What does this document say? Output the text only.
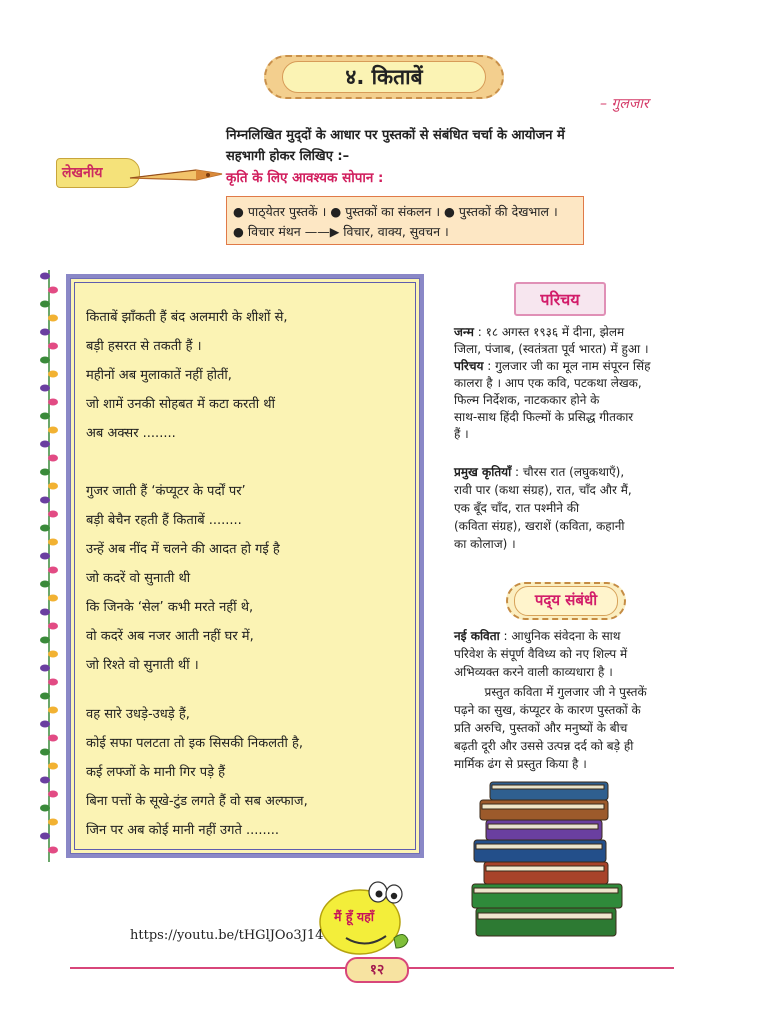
४. किताबें
– गुलजार
निम्नलिखित मुद्‌दों के आधार पर पुस्तकों से संबंधित चर्चा के आयोजन में
सहभागी होकर लिखिए :–
कृति के लिए आवश्यक सोपान :
लेखनीय
● पाठ्‌येतर पुस्तकें । ● पुस्तकों का संकलन । ● पुस्तकों की देखभाल ।
● विचार मंथन ——▶ विचार, वाक्य, सुवचन ।
किताबें झाँकती हैं बंद अलमारी के शीशों से,
बड़ी हसरत से तकती हैं ।
महीनों अब मुलाकातें नहीं होतीं,
जो शामें उनकी सोहबत में कटा करती थीं
अब अक्सर ........
गुजर जाती हैं ‘कंप्यूटर के पर्दों पर’
बड़ी बेचैन रहती हैं किताबें ........
उन्हें अब नींद में चलने की आदत हो गई है
जो कदरें वो सुनाती थी
कि जिनके ‘सेल’ कभी मरते नहीं थे,
वो कदरें अब नजर आती नहीं घर में,
जो रिश्ते वो सुनाती थीं ।
वह सारे उधड़े-उधड़े हैं,
कोई सफा पलटता तो इक सिसकी निकलती है,
कई लफ्जों के मानी गिर पड़े हैं
बिना पत्तों के सूखे-टुंड लगते हैं वो सब अल्फाज,
जिन पर अब कोई मानी नहीं उगते ........
परिचय
जन्म : १८ अगस्त १९३६ में दीना, झेलम
जिला, पंजाब, (स्वतंत्रता पूर्व भारत) में हुआ ।
परिचय : गुलजार जी का मूल नाम संपूरन सिंह
कालरा है । आप एक कवि, पटकथा लेखक,
फिल्म निर्देशक, नाटककार होने के
साथ-साथ हिंदी फिल्मों के प्रसिद्ध गीतकार
हैं ।
प्रमुख कृतियाँ : चौरस रात (लघुकथाएँ),
रावी पार (कथा संग्रह), रात, चाँद और मैं,
एक बूँद चाँद, रात पश्मीने की
(कविता संग्रह), खराशें (कविता, कहानी
का कोलाज) ।
पद्‌य संबंधी
नई कविता : आधुनिक संवेदना के साथ
परिवेश के संपूर्ण वैविध्य को नए शिल्प में
अभिव्यक्त करने वाली काव्यधारा है ।
प्रस्तुत कविता में गुलजार जी ने पुस्तकें
पढ़ने का सुख, कंप्यूटर के कारण पुस्तकों के
प्रति अरुचि, पुस्तकों और मनुष्यों के बीच
बढ़ती दूरी और उससे उत्पन्न दर्द को बड़े ही
मार्मिक ढंग से प्रस्तुत किया है ।
मैं हूँ यहाँ
https://youtu.be/tHGlJOo3J14
१२
